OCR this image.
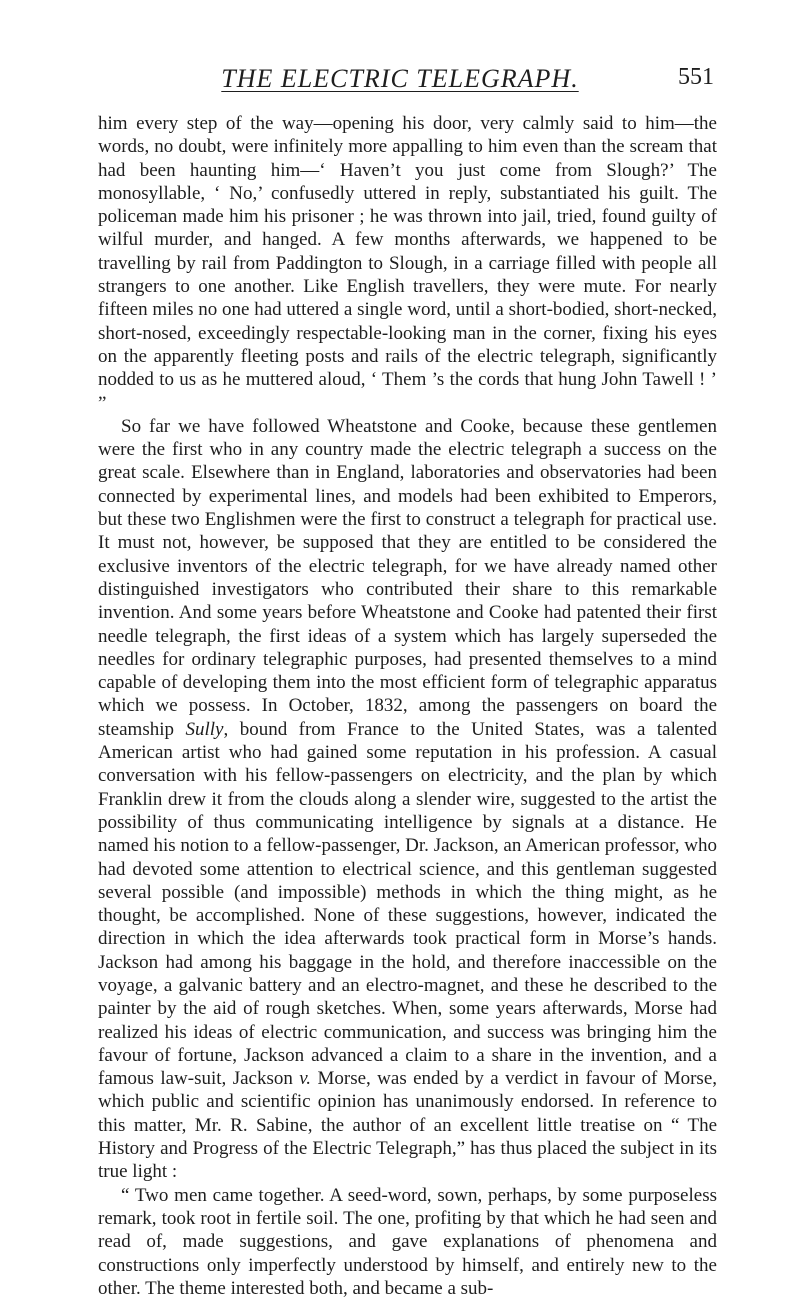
THE ELECTRIC TELEGRAPH.	551

him every step of the way—opening his door, very calmly said to him—the words, no doubt, were infinitely more appalling to him even than the scream that had been haunting him—‘ Haven’t you just come from Slough?’ The monosyllable, ‘ No,’ confusedly uttered in reply, substantiated his guilt. The policeman made him his prisoner ; he was thrown into jail, tried, found guilty of wilful murder, and hanged. A few months afterwards, we happened to be travelling by rail from Paddington to Slough, in a carriage filled with people all strangers to one another. Like English travellers, they were mute. For nearly fifteen miles no one had uttered a single word, until a short-bodied, short-necked, short-nosed, exceedingly respectable-looking man in the corner, fixing his eyes on the apparently fleeting posts and rails of the electric telegraph, significantly nodded to us as he muttered aloud, ‘ Them ’s the cords that hung John Tawell ! ’ ”

So far we have followed Wheatstone and Cooke, because these gentlemen were the first who in any country made the electric telegraph a success on the great scale. Elsewhere than in England, laboratories and observatories had been connected by experimental lines, and models had been exhibited to Emperors, but these two Englishmen were the first to construct a telegraph for practical use. It must not, however, be supposed that they are entitled to be considered the exclusive inventors of the electric telegraph, for we have already named other distinguished investigators who contributed their share to this remarkable invention. And some years before Wheatstone and Cooke had patented their first needle telegraph, the first ideas of a system which has largely superseded the needles for ordinary telegraphic purposes, had presented themselves to a mind capable of developing them into the most efficient form of telegraphic apparatus which we possess. In October, 1832, among the passengers on board the steamship Sully, bound from France to the United States, was a talented American artist who had gained some reputation in his profession. A casual conversation with his fellow-passengers on electricity, and the plan by which Franklin drew it from the clouds along a slender wire, suggested to the artist the possibility of thus communicating intelligence by signals at a distance. He named his notion to a fellow-passenger, Dr. Jackson, an American professor, who had devoted some attention to electrical science, and this gentleman suggested several possible (and impossible) methods in which the thing might, as he thought, be accomplished. None of these suggestions, however, indicated the direction in which the idea afterwards took practical form in Morse’s hands. Jackson had among his baggage in the hold, and therefore inaccessible on the voyage, a galvanic battery and an electro-magnet, and these he described to the painter by the aid of rough sketches. When, some years afterwards, Morse had realized his ideas of electric communication, and success was bringing him the favour of fortune, Jackson advanced a claim to a share in the invention, and a famous law-suit, Jackson v. Morse, was ended by a verdict in favour of Morse, which public and scientific opinion has unanimously endorsed. In reference to this matter, Mr. R. Sabine, the author of an excellent little treatise on “ The History and Progress of the Electric Telegraph,” has thus placed the subject in its true light :

“ Two men came together. A seed-word, sown, perhaps, by some purposeless remark, took root in fertile soil. The one, profiting by that which he had seen and read of, made suggestions, and gave explanations of phenomena and constructions only imperfectly understood by himself, and entirely new to the other. The theme interested both, and became a sub-
